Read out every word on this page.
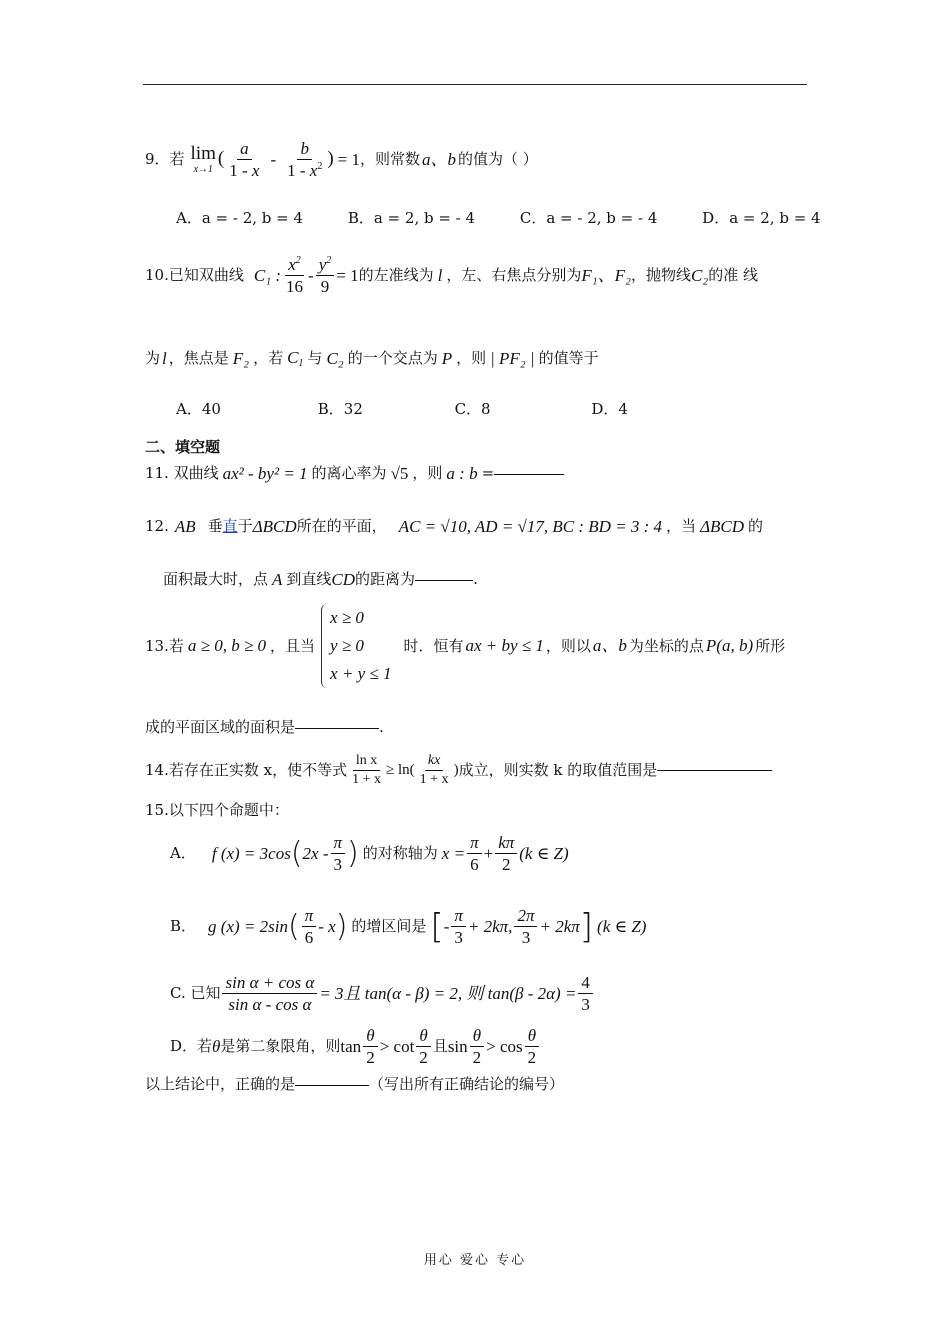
9．若 lim
x→1
( $\frac{a}{1 - x} - \frac{b}{1 - x^2}$ ) = 1 ，则常数 a、b 的值为（ ）
A．a = - 2, b = 4	B．a = 2, b = - 4	C．a = - 2, b = - 4	D．a = 2, b = 4
10.已知双曲线 C₁ : $\frac{x^2}{16} - \frac{y^2}{9} = 1$ 的左准线为 l ，左、右焦点分别为 F₁、F₂ ，抛物线 C₂ 的准 线
为 l ，焦点是 F₂ ，若 $C_1$ 与 C₂ 的一个交点为 P ，则 | PF₂ | 的值等于
A．40	B．32	C．8	D．4
二、填空题
11. 双曲线 ax² - by² = 1 的离心率为 √5 ，则 a : b =
12. AB 垂 直 于 ΔBCD 所在的平面， AC = √10, AD = √17, BC : BD = 3 : 4 ，当 ΔBCD 的
面积最大时，点 A 到直线 CD 的距离为	.
13.若 a ≥ 0, b ≥ 0 ，且当
x ≥ 0
y ≥ 0
x + y ≤ 1
时．恒有 ax + by ≤ 1 ，则以 a、b 为坐标的点 P(a, b) 所形
成的平面区域的面积是	.
14.若存在正实数 x，使不等式 $\frac{\text{ln x}}{1 + x} \ge \ln( \frac{kx}{1 + x}$ ) 成立，则实数 k 的取值范围是
15.以下四个命题中：
A． f (x) = 3cos ( $2x - \frac{\pi}{3}$ ) 的对称轴为 $x = \frac{\pi}{6} + \frac{k\pi}{2} (k$ ∈ Z)
B． g (x) = 2sin ( $\frac{\pi}{6}$ - x ) 的增区间是 [ - $\frac{\pi}{3} + 2k\pi$, $\frac{2\pi}{3} + 2k\pi$ ] (k ∈ Z)
C. 已知 $\frac{\text{sin α + cos α}}{\text{sin α - cos α}} = 3$且 tan(α - β) = 2, 则 $\tan(\beta - 2\alpha) = \frac{4}{3}$
D．若 θ 是第二象限角，则 $\tan \frac{\theta}{2} > \cot \frac{\theta}{2}$ 且 $\sin \frac{\theta}{2} > \cos \frac{\theta}{2}$
以上结论中，正确的是	（写出所有正确结论的编号）
用心 爱心 专心
